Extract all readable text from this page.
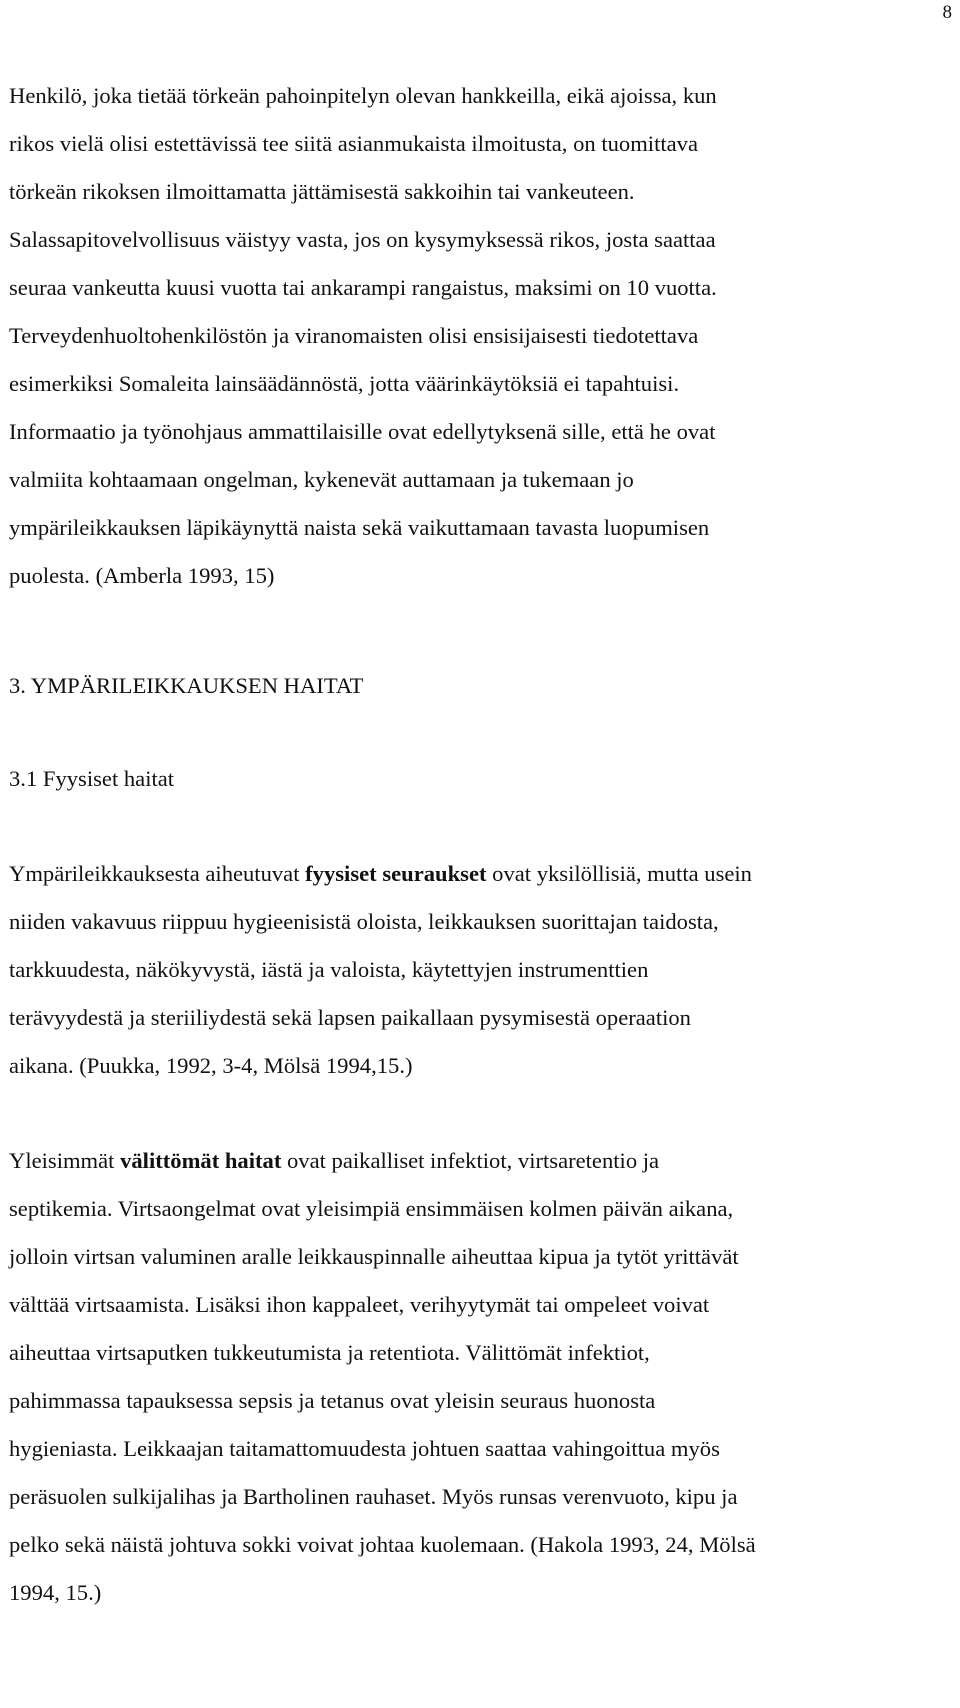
8

Henkilö, joka tietää törkeän pahoinpitelyn olevan hankkeilla, eikä ajoissa, kun
rikos vielä olisi estettävissä tee siitä asianmukaista ilmoitusta, on tuomittava
törkeän rikoksen ilmoittamatta jättämisestä sakkoihin tai vankeuteen.
Salassapitovelvollisuus väistyy vasta, jos on kysymyksessä rikos, josta saattaa
seuraa vankeutta kuusi vuotta tai ankarampi rangaistus, maksimi on 10 vuotta.
Terveydenhuoltohenkilöstön ja viranomaisten olisi ensisijaisesti tiedotettava
esimerkiksi Somaleita lainsäädännöstä, jotta väärinkäytöksiä ei tapahtuisi.
Informaatio ja työnohjaus ammattilaisille ovat edellytyksenä sille, että he ovat
valmiita kohtaamaan ongelman, kykenevät auttamaan ja tukemaan jo
ympärileikkauksen läpikäynyttä naista sekä vaikuttamaan tavasta luopumisen
puolesta. (Amberla 1993, 15)

3. YMPÄRILEIKKAUKSEN HAITAT

3.1 Fyysiset haitat

Ympärileikkauksesta aiheutuvat fyysiset seuraukset ovat yksilöllisiä, mutta usein
niiden vakavuus riippuu hygieenisistä oloista, leikkauksen suorittajan taidosta,
tarkkuudesta, näkökyvystä, iästä ja valoista, käytettyjen instrumenttien
terävyydestä ja steriiliydestä sekä lapsen paikallaan pysymisestä operaation
aikana. (Puukka, 1992, 3-4, Mölsä 1994,15.)

Yleisimmät välittömät haitat ovat paikalliset infektiot, virtsaretentio ja
septikemia. Virtsaongelmat ovat yleisimpiä ensimmäisen kolmen päivän aikana,
jolloin virtsan valuminen aralle leikkauspinnalle aiheuttaa kipua ja tytöt yrittävät
välttää virtsaamista. Lisäksi ihon kappaleet, verihyytymät tai ompeleet voivat
aiheuttaa virtsaputken tukkeutumista ja retentiota. Välittömät infektiot,
pahimmassa tapauksessa sepsis ja tetanus ovat yleisin seuraus huonosta
hygieniasta. Leikkaajan taitamattomuudesta johtuen saattaa vahingoittua myös
peräsuolen sulkijalihas ja Bartholinen rauhaset. Myös runsas verenvuoto, kipu ja
pelko sekä näistä johtuva sokki voivat johtaa kuolemaan. (Hakola 1993, 24, Mölsä
1994, 15.)
